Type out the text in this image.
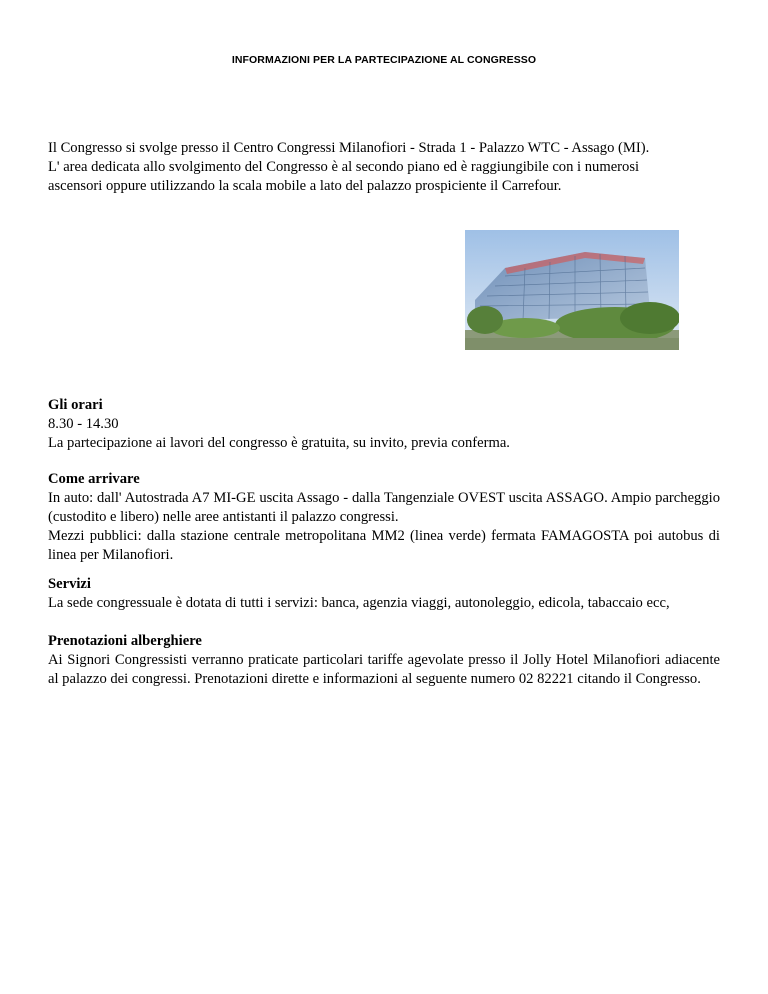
INFORMAZIONI PER LA PARTECIPAZIONE AL CONGRESSO

Il Congresso si svolge presso il Centro Congressi Milanofiori - Strada 1 - Palazzo WTC - Assago (MI).

L' area dedicata allo svolgimento del Congresso è al secondo piano ed è raggiungibile con i numerosi

ascensori oppure utilizzando la scala mobile a lato del palazzo prospiciente il Carrefour.

Gli orari

8.30 - 14.30

La partecipazione ai lavori del congresso è gratuita, su invito, previa conferma.

Come arrivare

In auto: dall' Autostrada A7 MI-GE uscita Assago - dalla Tangenziale OVEST uscita ASSAGO. Ampio parcheggio (custodito e libero) nelle aree antistanti il palazzo congressi.

Mezzi pubblici: dalla stazione centrale metropolitana MM2 (linea verde) fermata FAMAGOSTA poi autobus di linea per Milanofiori.

Servizi

La sede congressuale è dotata di tutti i servizi: banca, agenzia viaggi, autonoleggio, edicola, tabaccaio ecc,

Prenotazioni alberghiere

Ai Signori Congressisti verranno praticate particolari tariffe agevolate presso il Jolly Hotel Milanofiori adiacente al palazzo dei congressi. Prenotazioni dirette e informazioni al seguente numero 02 82221 citando il Congresso.
